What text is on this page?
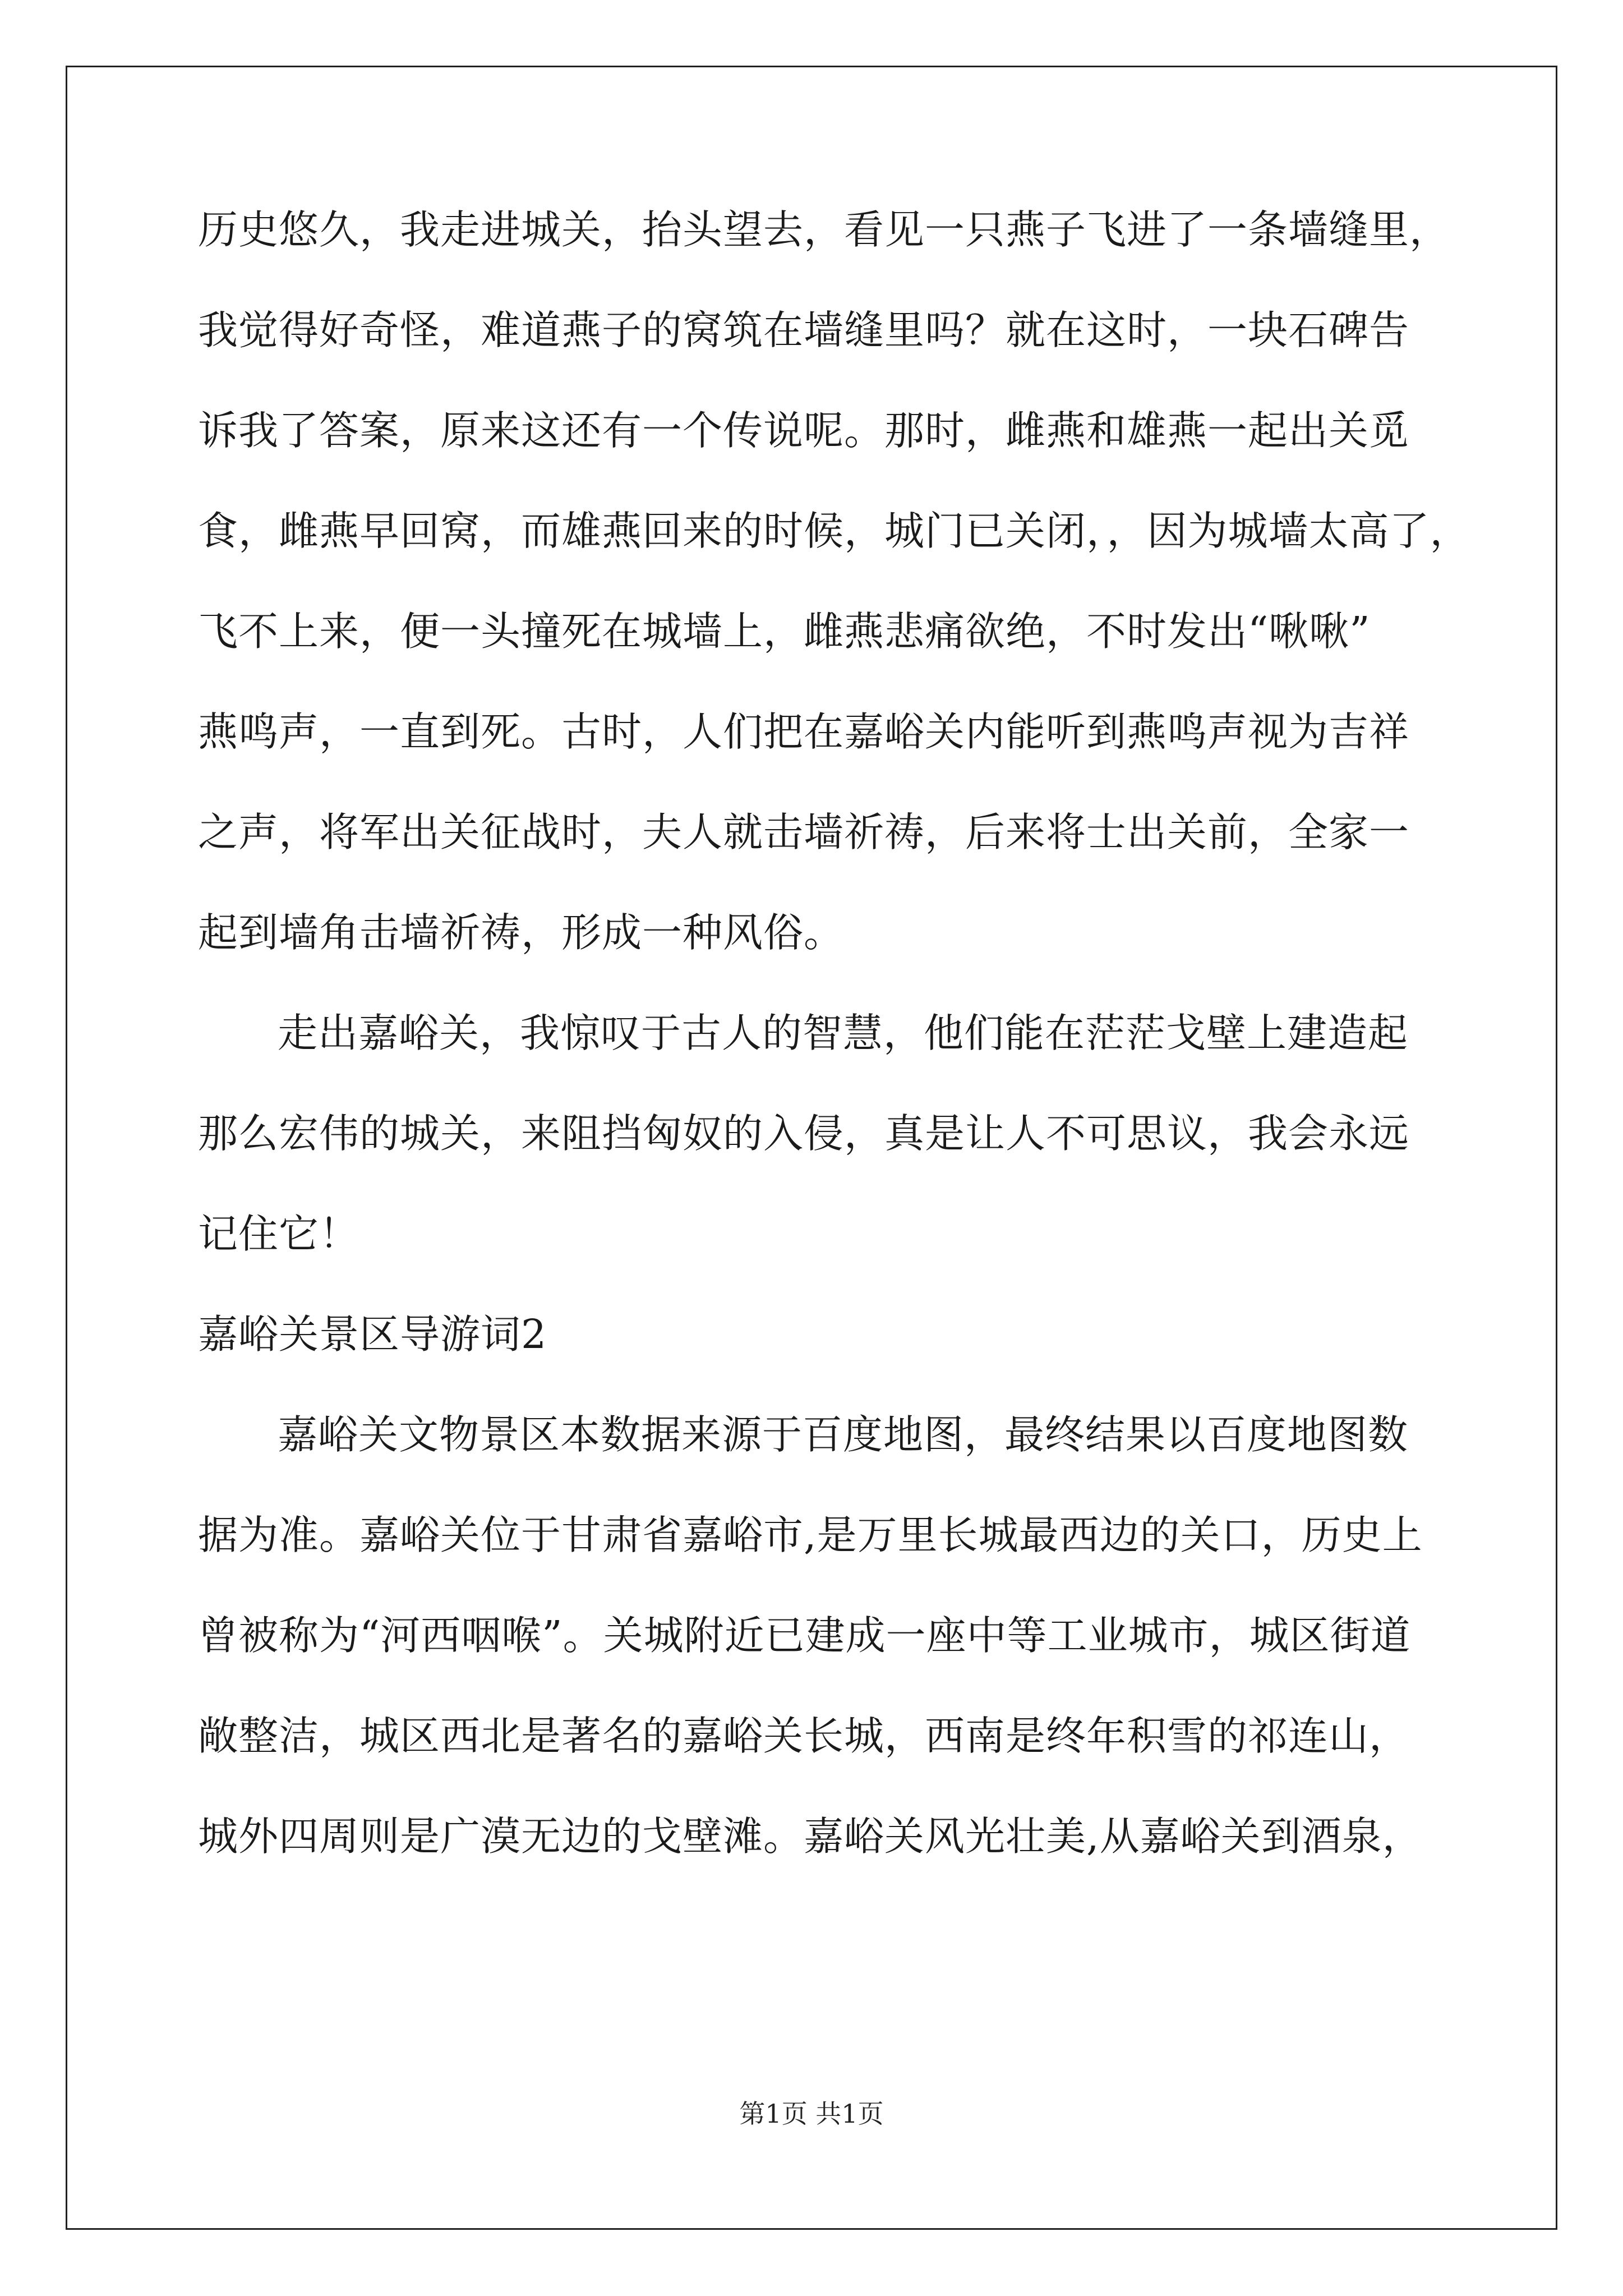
历史悠久，我走进城关，抬头望去，看见一只燕子飞进了一条墙缝里，
我觉得好奇怪，难道燕子的窝筑在墙缝里吗？就在这时，一块石碑告
诉我了答案，原来这还有一个传说呢。那时，雌燕和雄燕一起出关觅
食，雌燕早回窝，而雄燕回来的时候，城门已关闭，，因为城墙太高了，
飞不上来，便一头撞死在城墙上，雌燕悲痛欲绝，不时发出“啾啾”
燕鸣声，一直到死。古时，人们把在嘉峪关内能听到燕鸣声视为吉祥
之声，将军出关征战时，夫人就击墙祈祷，后来将士出关前，全家一
起到墙角击墙祈祷，形成一种风俗。
走出嘉峪关，我惊叹于古人的智慧，他们能在茫茫戈壁上建造起
那么宏伟的城关，来阻挡匈奴的入侵，真是让人不可思议，我会永远
记住它！
嘉峪关景区导游词2
嘉峪关文物景区本数据来源于百度地图，最终结果以百度地图数
据为准。嘉峪关位于甘肃省嘉峪市,是万里长城最西边的关口，历史上
曾被称为“河西咽喉”。关城附近已建成一座中等工业城市，城区街道
敞整洁，城区西北是著名的嘉峪关长城，西南是终年积雪的祁连山，
城外四周则是广漠无边的戈壁滩。嘉峪关风光壮美,从嘉峪关到酒泉，
第1页 共1页
